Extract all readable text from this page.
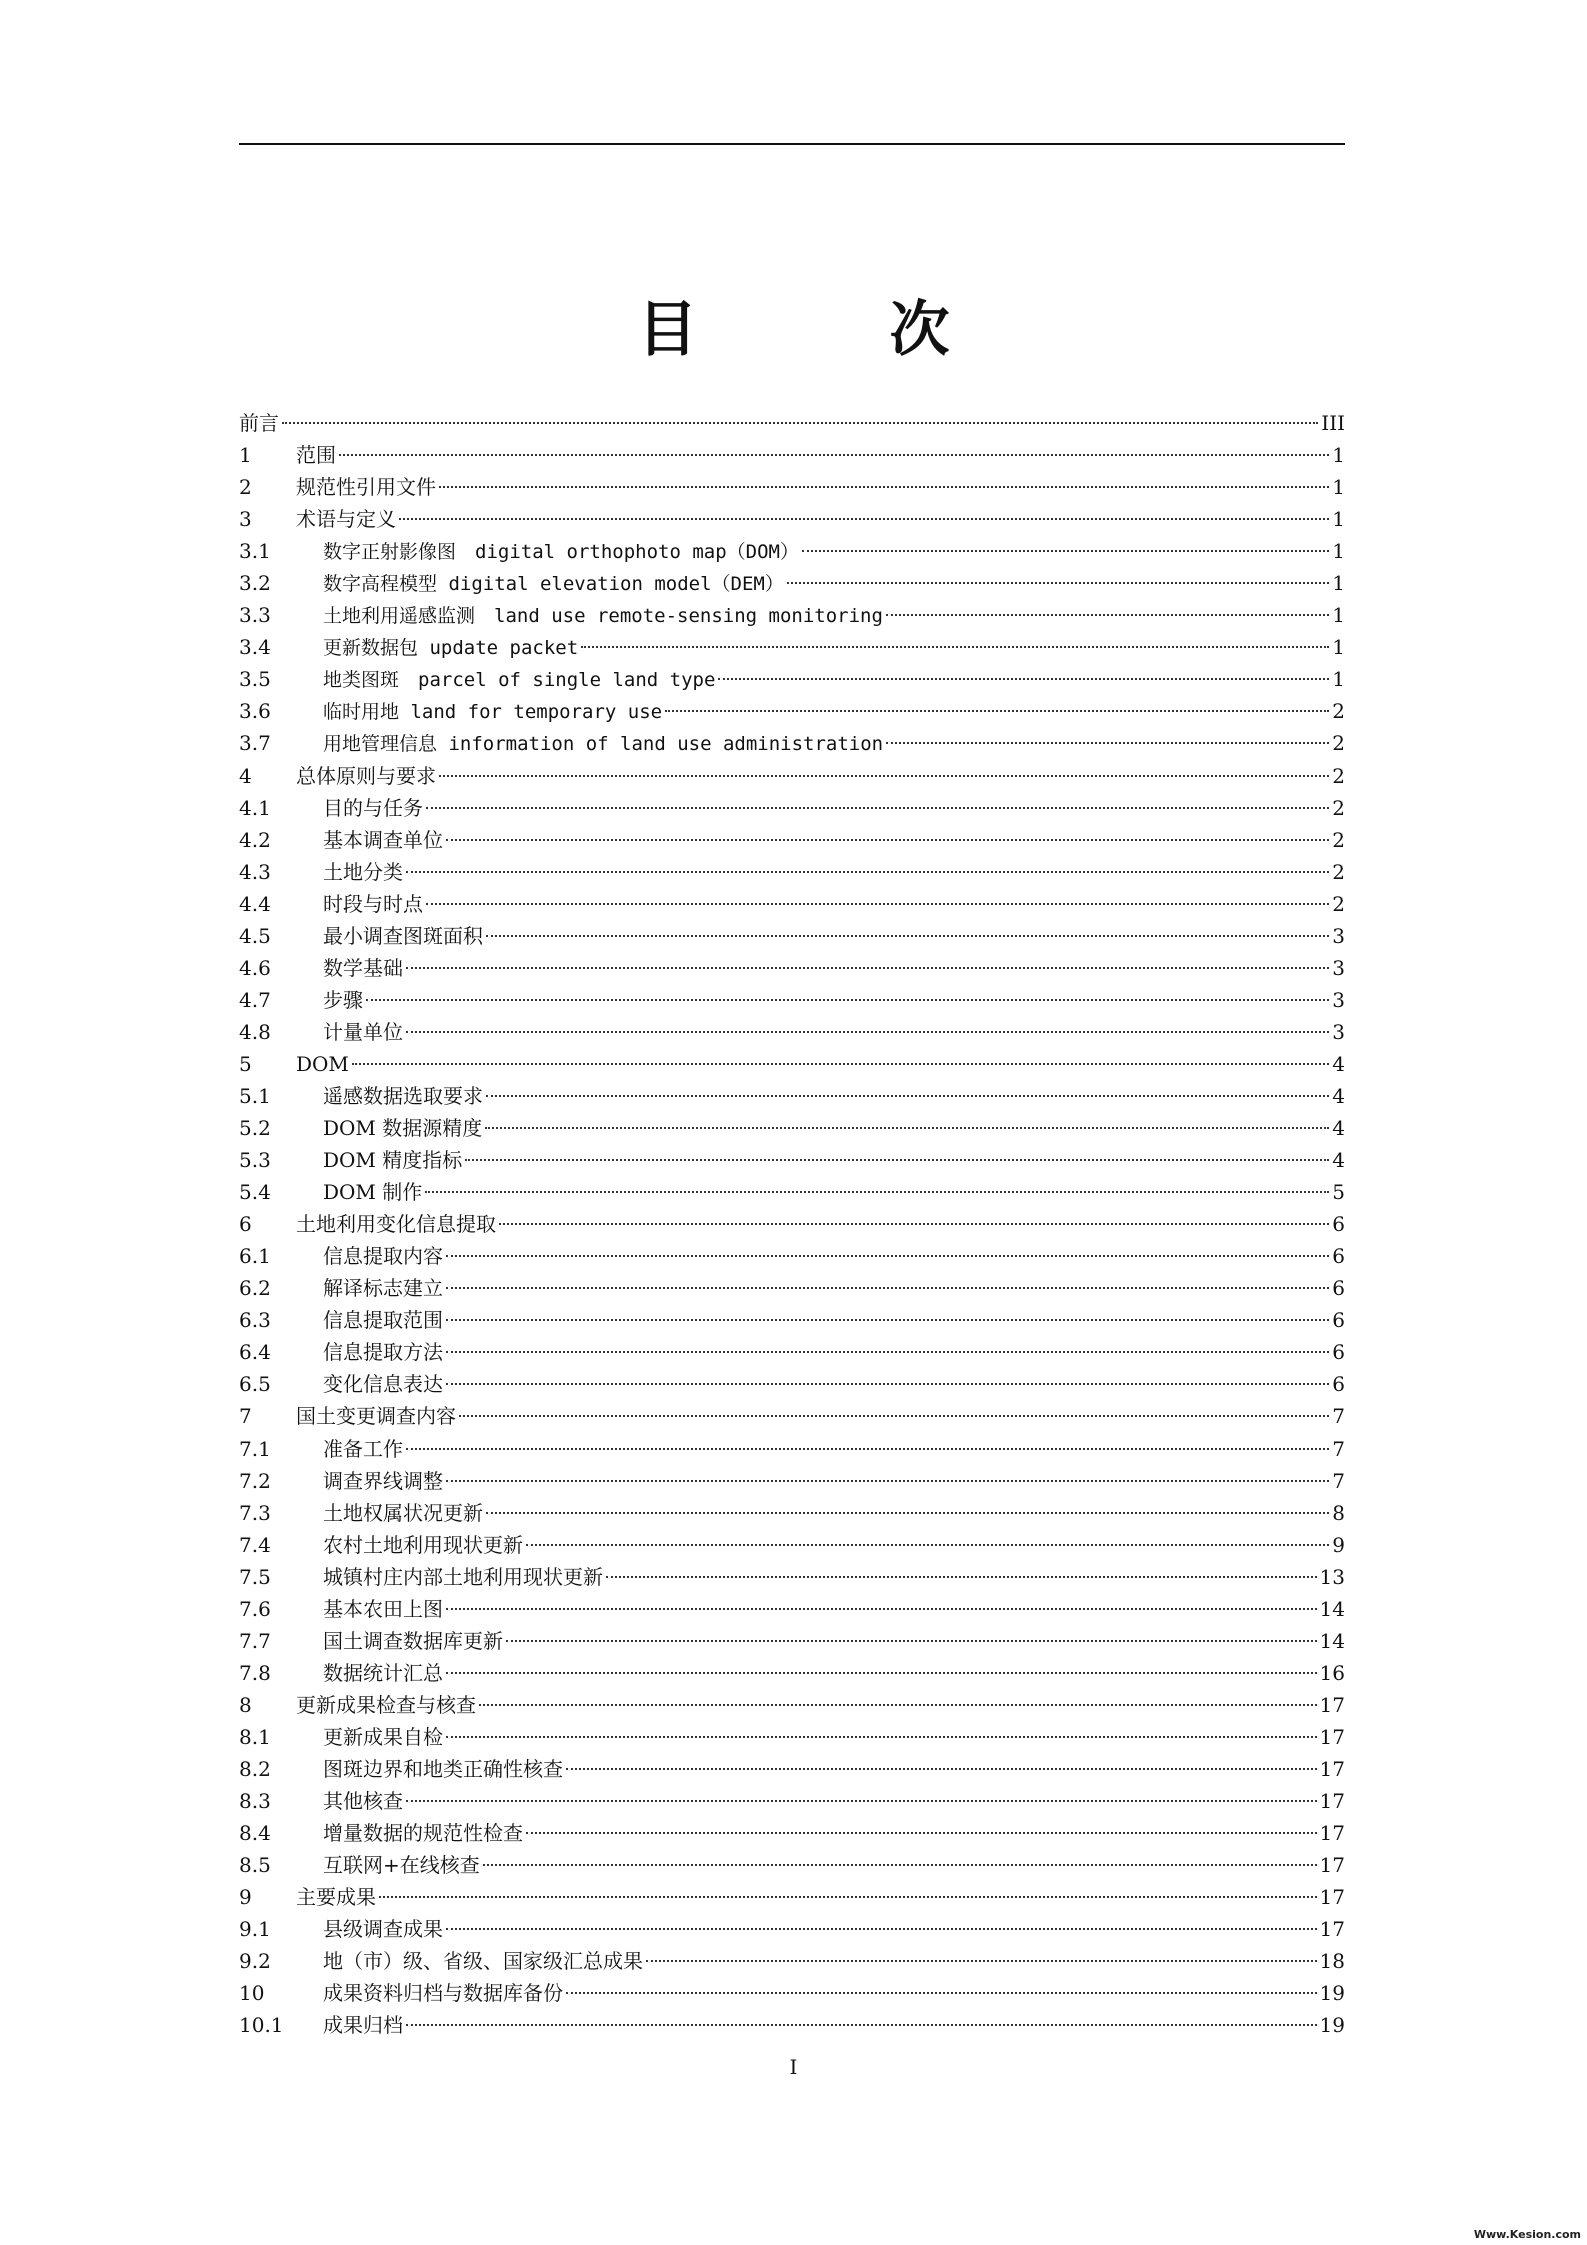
目　次
前言	III
1	范围	1
2	规范性引用文件	1
3	术语与定义	1
3.1	数字正射影像图　digital orthophoto map（DOM）	1
3.2	数字高程模型 digital elevation model（DEM）	1
3.3	土地利用遥感监测　land use remote-sensing monitoring	1
3.4	更新数据包 update packet	1
3.5	地类图斑　parcel of single land type	1
3.6	临时用地 land for temporary use	2
3.7	用地管理信息 information of land use administration	2
4	总体原则与要求	2
4.1	目的与任务	2
4.2	基本调查单位	2
4.3	土地分类	2
4.4	时段与时点	2
4.5	最小调查图斑面积	3
4.6	数学基础	3
4.7	步骤	3
4.8	计量单位	3
5	DOM	4
5.1	遥感数据选取要求	4
5.2	DOM 数据源精度	4
5.3	DOM 精度指标	4
5.4	DOM 制作	5
6	土地利用变化信息提取	6
6.1	信息提取内容	6
6.2	解译标志建立	6
6.3	信息提取范围	6
6.4	信息提取方法	6
6.5	变化信息表达	6
7	国土变更调查内容	7
7.1	准备工作	7
7.2	调查界线调整	7
7.3	土地权属状况更新	8
7.4	农村土地利用现状更新	9
7.5	城镇村庄内部土地利用现状更新	13
7.6	基本农田上图	14
7.7	国土调查数据库更新	14
7.8	数据统计汇总	16
8	更新成果检查与核查	17
8.1	更新成果自检	17
8.2	图斑边界和地类正确性核查	17
8.3	其他核查	17
8.4	增量数据的规范性检查	17
8.5	互联网+在线核查	17
9	主要成果	17
9.1	县级调查成果	17
9.2	地（市）级、省级、国家级汇总成果	18
10	成果资料归档与数据库备份	19
10.1	成果归档	19
I
Www.Kesion.com
